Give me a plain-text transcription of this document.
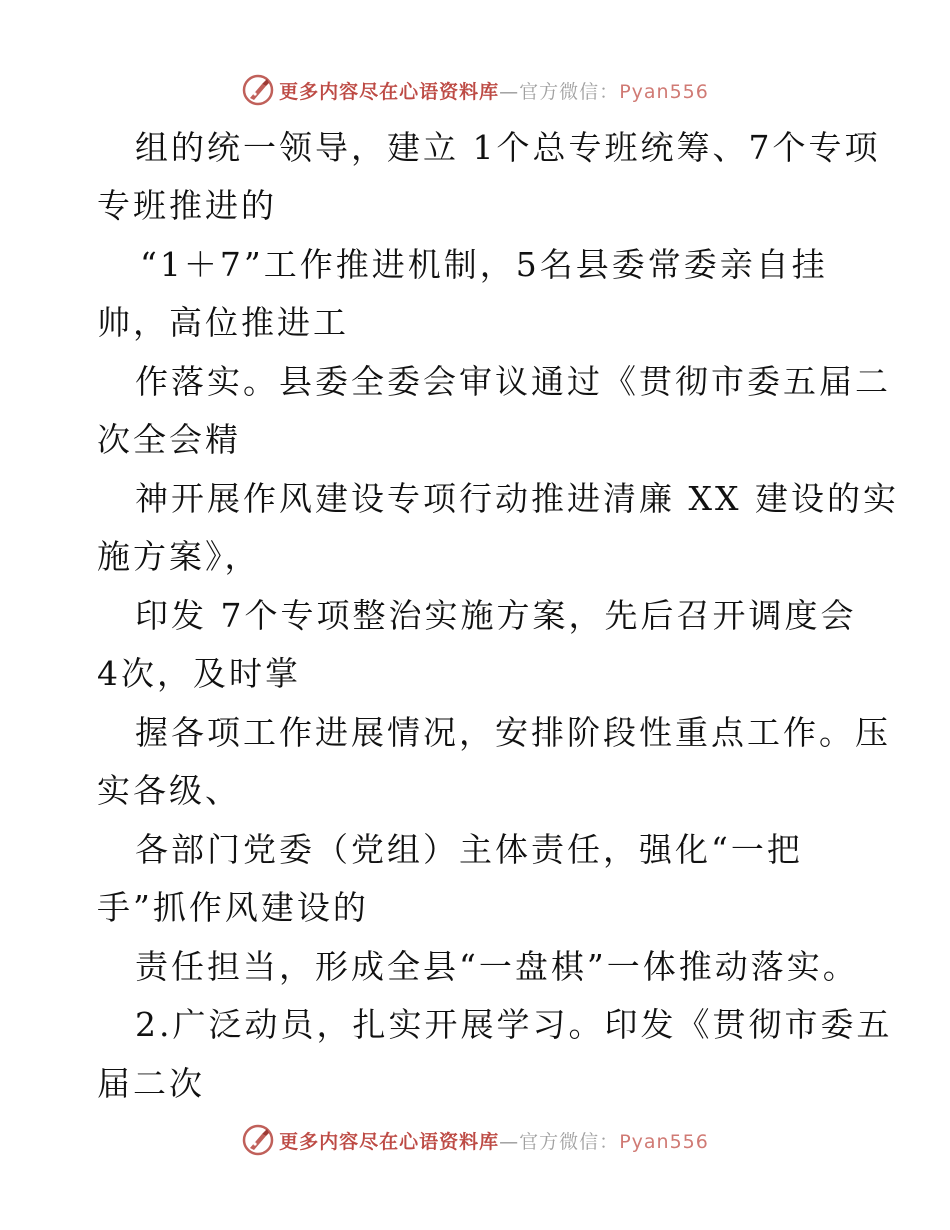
更多内容尽在心语资料库—官方微信：Pyan556
组的统一领导，建立 1个总专班统筹、7个专项
专班推进的
“1＋7”工作推进机制，5名县委常委亲自挂
帅，高位推进工
作落实。县委全委会审议通过《贯彻市委五届二
次全会精
神开展作风建设专项行动推进清廉 XX 建设的实
施方案》，
印发 7个专项整治实施方案，先后召开调度会
4次，及时掌
握各项工作进展情况，安排阶段性重点工作。压
实各级、
各部门党委（党组）主体责任，强化“一把
手”抓作风建设的
责任担当，形成全县“一盘棋”一体推动落实。
2.广泛动员，扎实开展学习。印发《贯彻市委五
届二次
更多内容尽在心语资料库—官方微信：Pyan556
